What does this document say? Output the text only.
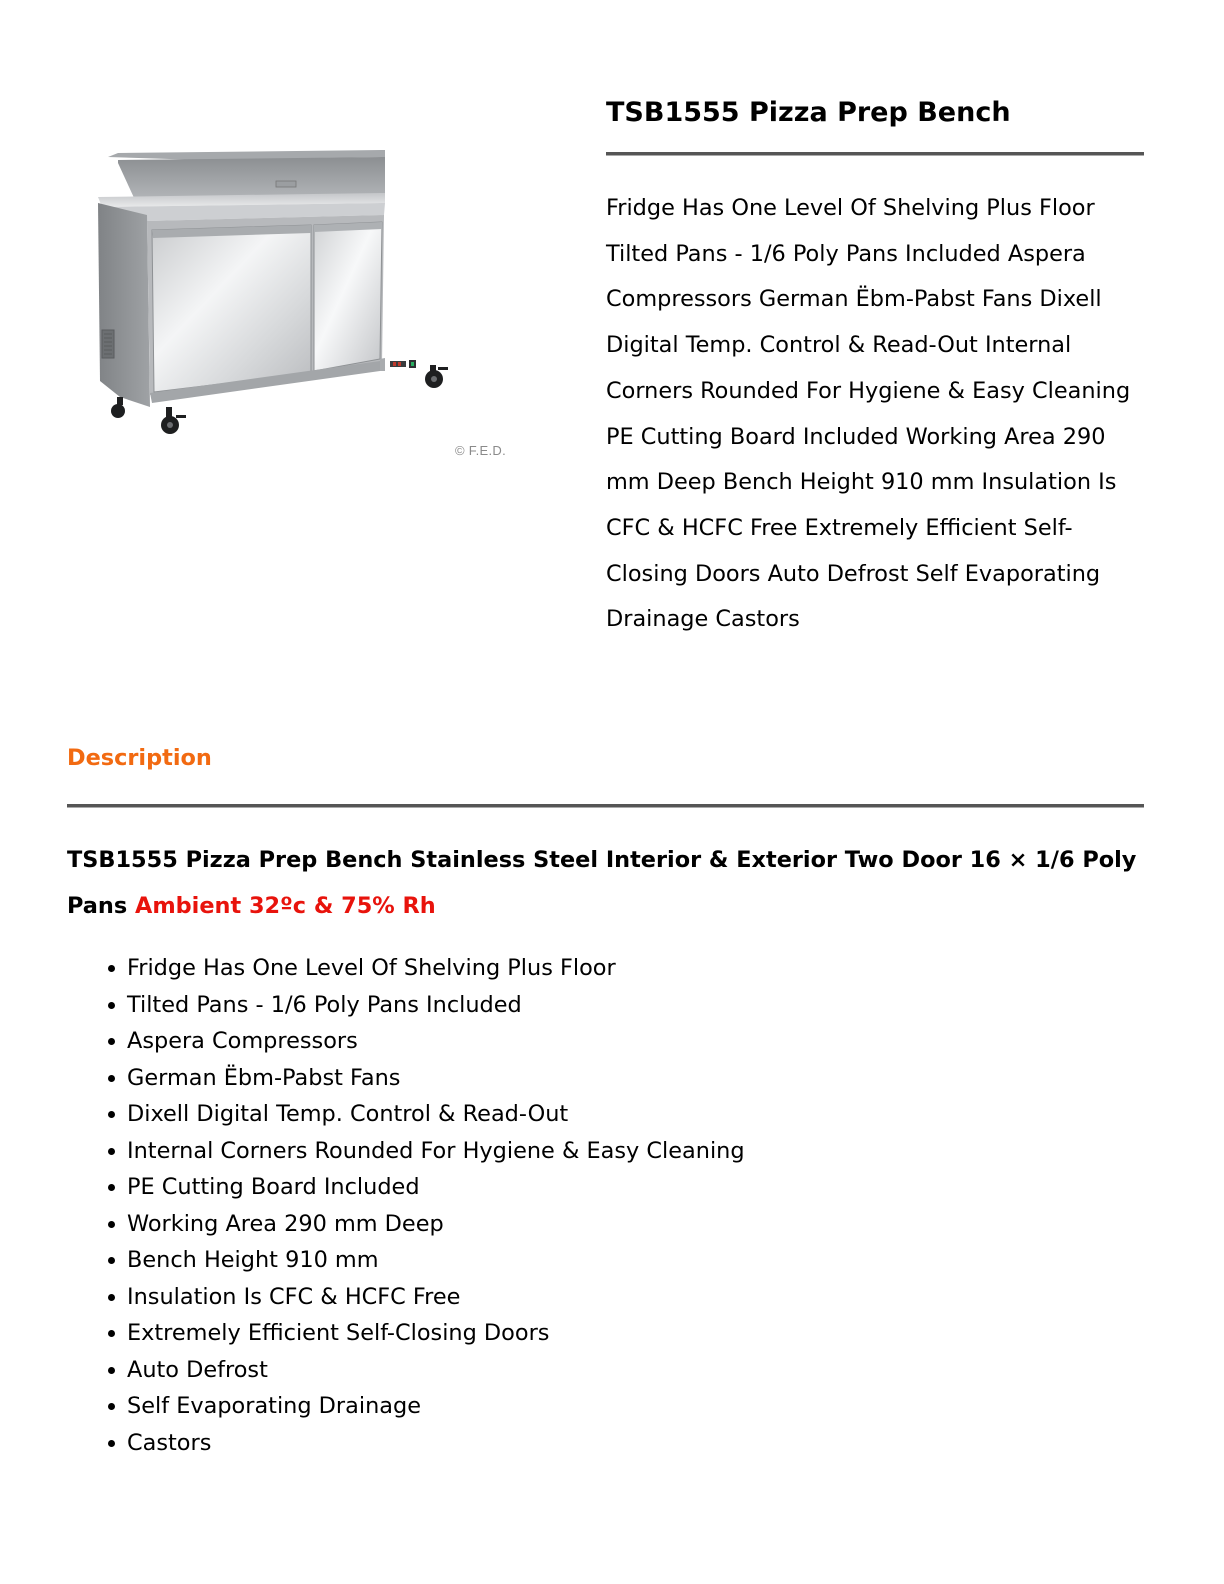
© F.E.D.
TSB1555 Pizza Prep Bench

Fridge Has One Level Of Shelving Plus Floor Tilted Pans - 1/6 Poly Pans Included Aspera Compressors German Ëbm-Pabst Fans Dixell Digital Temp. Control & Read-Out Internal Corners Rounded For Hygiene & Easy Cleaning PE Cutting Board Included Working Area 290 mm Deep Bench Height 910 mm Insulation Is CFC & HCFC Free Extremely Efficient Self-Closing Doors Auto Defrost Self Evaporating Drainage Castors

Description

TSB1555 Pizza Prep Bench Stainless Steel Interior & Exterior Two Door 16 × 1/6 Poly Pans Ambient 32ºc & 75% Rh

Fridge Has One Level Of Shelving Plus Floor
Tilted Pans - 1/6 Poly Pans Included
Aspera Compressors
German Ëbm-Pabst Fans
Dixell Digital Temp. Control & Read-Out
Internal Corners Rounded For Hygiene & Easy Cleaning
PE Cutting Board Included
Working Area 290 mm Deep
Bench Height 910 mm
Insulation Is CFC & HCFC Free
Extremely Efficient Self-Closing Doors
Auto Defrost
Self Evaporating Drainage
Castors
